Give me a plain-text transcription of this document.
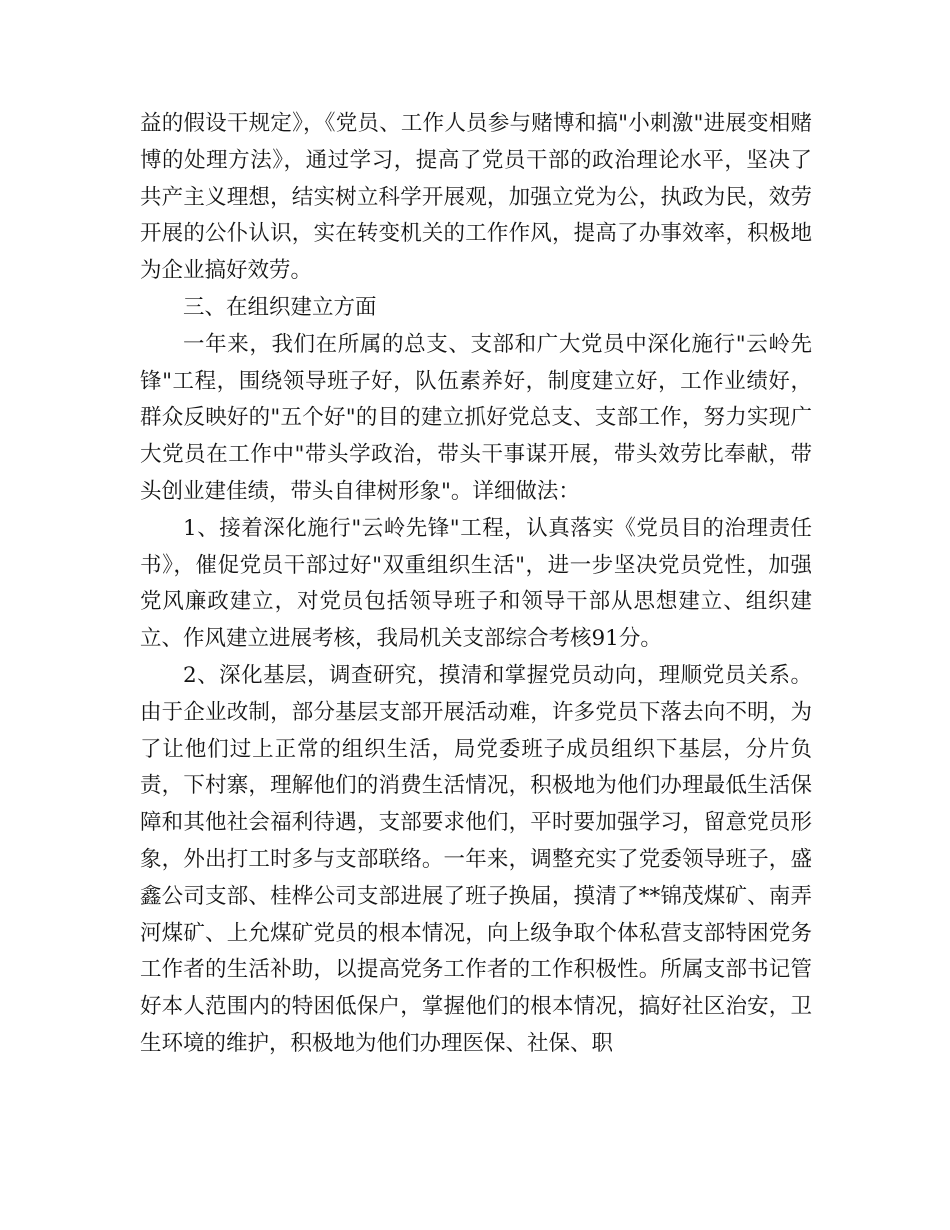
益的假设干规定》，《党员、工作人员参与赌博和搞"小刺激"进展变相赌博的处理方法》，通过学习，提高了党员干部的政治理论水平，坚决了共产主义理想，结实树立科学开展观，加强立党为公，执政为民，效劳开展的公仆认识，实在转变机关的工作作风，提高了办事效率，积极地为企业搞好效劳。

三、在组织建立方面

一年来，我们在所属的总支、支部和广大党员中深化施行"云岭先锋"工程，围绕领导班子好，队伍素养好，制度建立好，工作业绩好，群众反映好的"五个好"的目的建立抓好党总支、支部工作，努力实现广大党员在工作中"带头学政治，带头干事谋开展，带头效劳比奉献，带头创业建佳绩，带头自律树形象"。详细做法：

1、接着深化施行"云岭先锋"工程，认真落实《党员目的治理责任书》，催促党员干部过好"双重组织生活"，进一步坚决党员党性，加强党风廉政建立，对党员包括领导班子和领导干部从思想建立、组织建立、作风建立进展考核，我局机关支部综合考核91分。

2、深化基层，调查研究，摸清和掌握党员动向，理顺党员关系。由于企业改制，部分基层支部开展活动难，许多党员下落去向不明，为了让他们过上正常的组织生活，局党委班子成员组织下基层，分片负责，下村寨，理解他们的消费生活情况，积极地为他们办理最低生活保障和其他社会福利待遇，支部要求他们，平时要加强学习，留意党员形象，外出打工时多与支部联络。一年来，调整充实了党委领导班子，盛鑫公司支部、桂桦公司支部进展了班子换届，摸清了**锦茂煤矿、南弄河煤矿、上允煤矿党员的根本情况，向上级争取个体私营支部特困党务工作者的生活补助，以提高党务工作者的工作积极性。所属支部书记管好本人范围内的特困低保户，掌握他们的根本情况，搞好社区治安，卫生环境的维护，积极地为他们办理医保、社保、职
